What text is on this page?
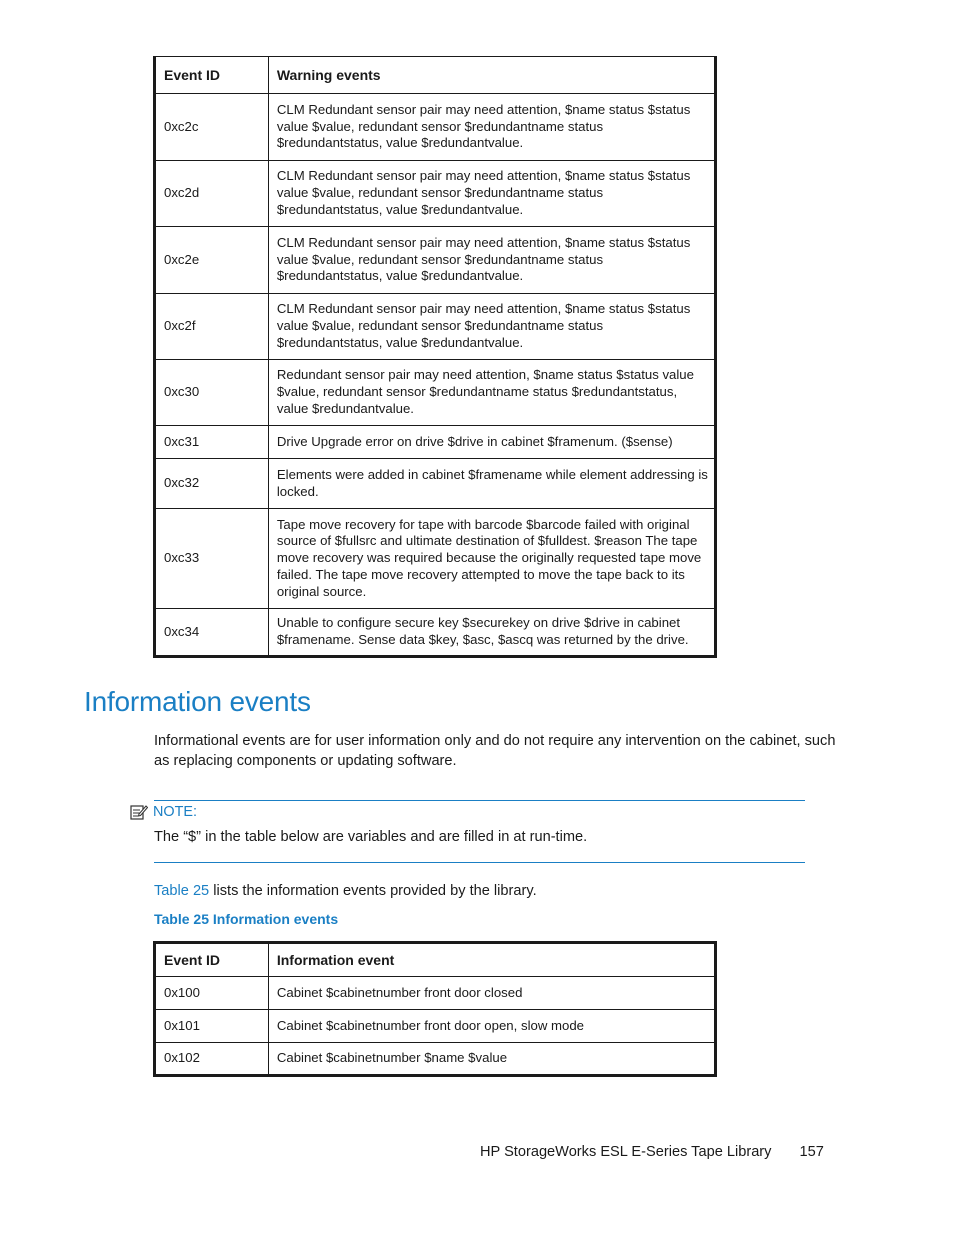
Event ID	Warning events
0xc2c	CLM Redundant sensor pair may need attention, $name status $status value $value, redundant sensor $redundantname status $redundantstatus, value $redundantvalue.
0xc2d	CLM Redundant sensor pair may need attention, $name status $status value $value, redundant sensor $redundantname status $redundantstatus, value $redundantvalue.
0xc2e	CLM Redundant sensor pair may need attention, $name status $status value $value, redundant sensor $redundantname status $redundantstatus, value $redundantvalue.
0xc2f	CLM Redundant sensor pair may need attention, $name status $status value $value, redundant sensor $redundantname status $redundantstatus, value $redundantvalue.
0xc30	Redundant sensor pair may need attention, $name status $status value $value, redundant sensor $redundantname status $redundantstatus, value $redundantvalue.
0xc31	Drive Upgrade error on drive $drive in cabinet $framenum. ($sense)
0xc32	Elements were added in cabinet $framename while element addressing is locked.
0xc33	Tape move recovery for tape with barcode $barcode failed with original source of $fullsrc and ultimate destination of $fulldest. $reason The tape move recovery was required because the originally requested tape move failed. The tape move recovery attempted to move the tape back to its original source.
0xc34	Unable to configure secure key $securekey on drive $drive in cabinet $framename. Sense data $key, $asc, $ascq was returned by the drive.
Information events

Informational events are for user information only and do not require any intervention on the cabinet, such as replacing components or updating software.

NOTE:

The “$” in the table below are variables and are filled in at run-time.

Table 25 lists the information events provided by the library.

Table 25 Information events

Event ID	Information event
0x100	Cabinet $cabinetnumber front door closed
0x101	Cabinet $cabinetnumber front door open, slow mode
0x102	Cabinet $cabinetnumber $name $value

HP StorageWorks ESL E-Series Tape Library 157
